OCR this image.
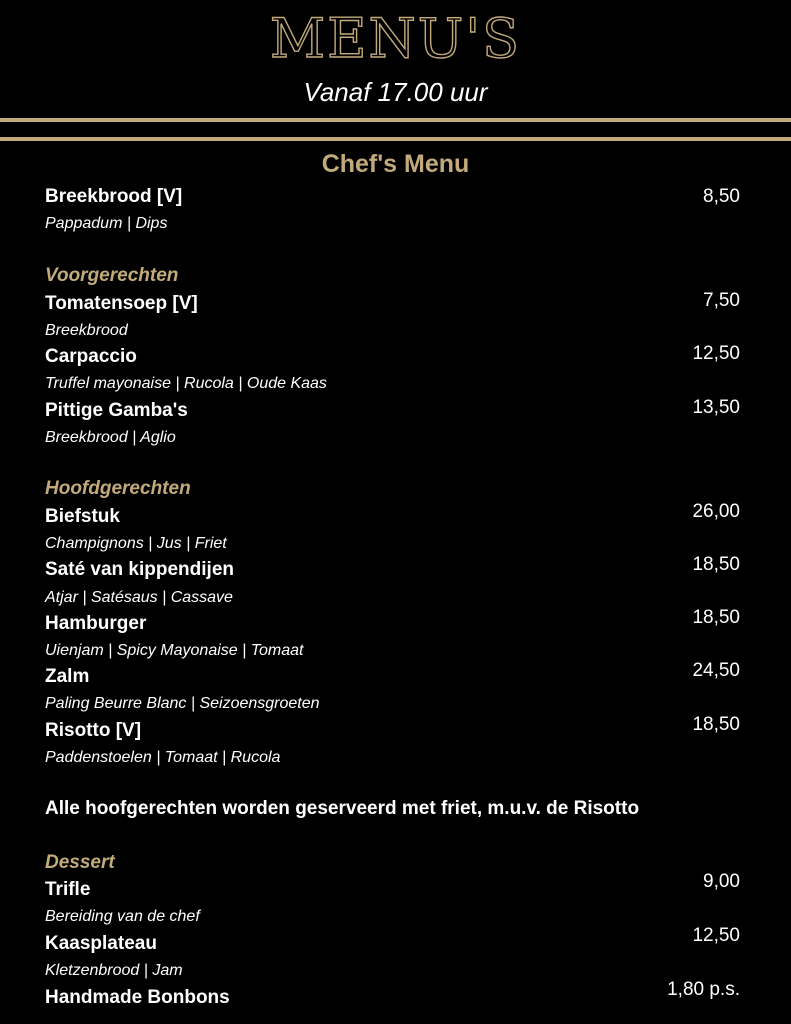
MENU'S
Vanaf 17.00 uur
Chef's Menu
Breekbrood [V]	8,50
Pappadum | Dips
Voorgerechten
Tomatensoep [V]	7,50
Breekbrood
Carpaccio	12,50
Truffel mayonaise | Rucola | Oude Kaas
Pittige Gamba's	13,50
Breekbrood | Aglio
Hoofdgerechten
Biefstuk	26,00
Champignons | Jus | Friet
Saté van kippendijen	18,50
Atjar | Satésaus | Cassave
Hamburger	18,50
Uienjam | Spicy Mayonaise | Tomaat
Zalm	24,50
Paling Beurre Blanc | Seizoensgroeten
Risotto [V]	18,50
Paddenstoelen | Tomaat | Rucola
Alle hoofgerechten worden geserveerd met friet, m.u.v. de Risotto
Dessert
Trifle	9,00
Bereiding van de chef
Kaasplateau	12,50
Kletzenbrood | Jam
Handmade Bonbons	1,80 p.s.
